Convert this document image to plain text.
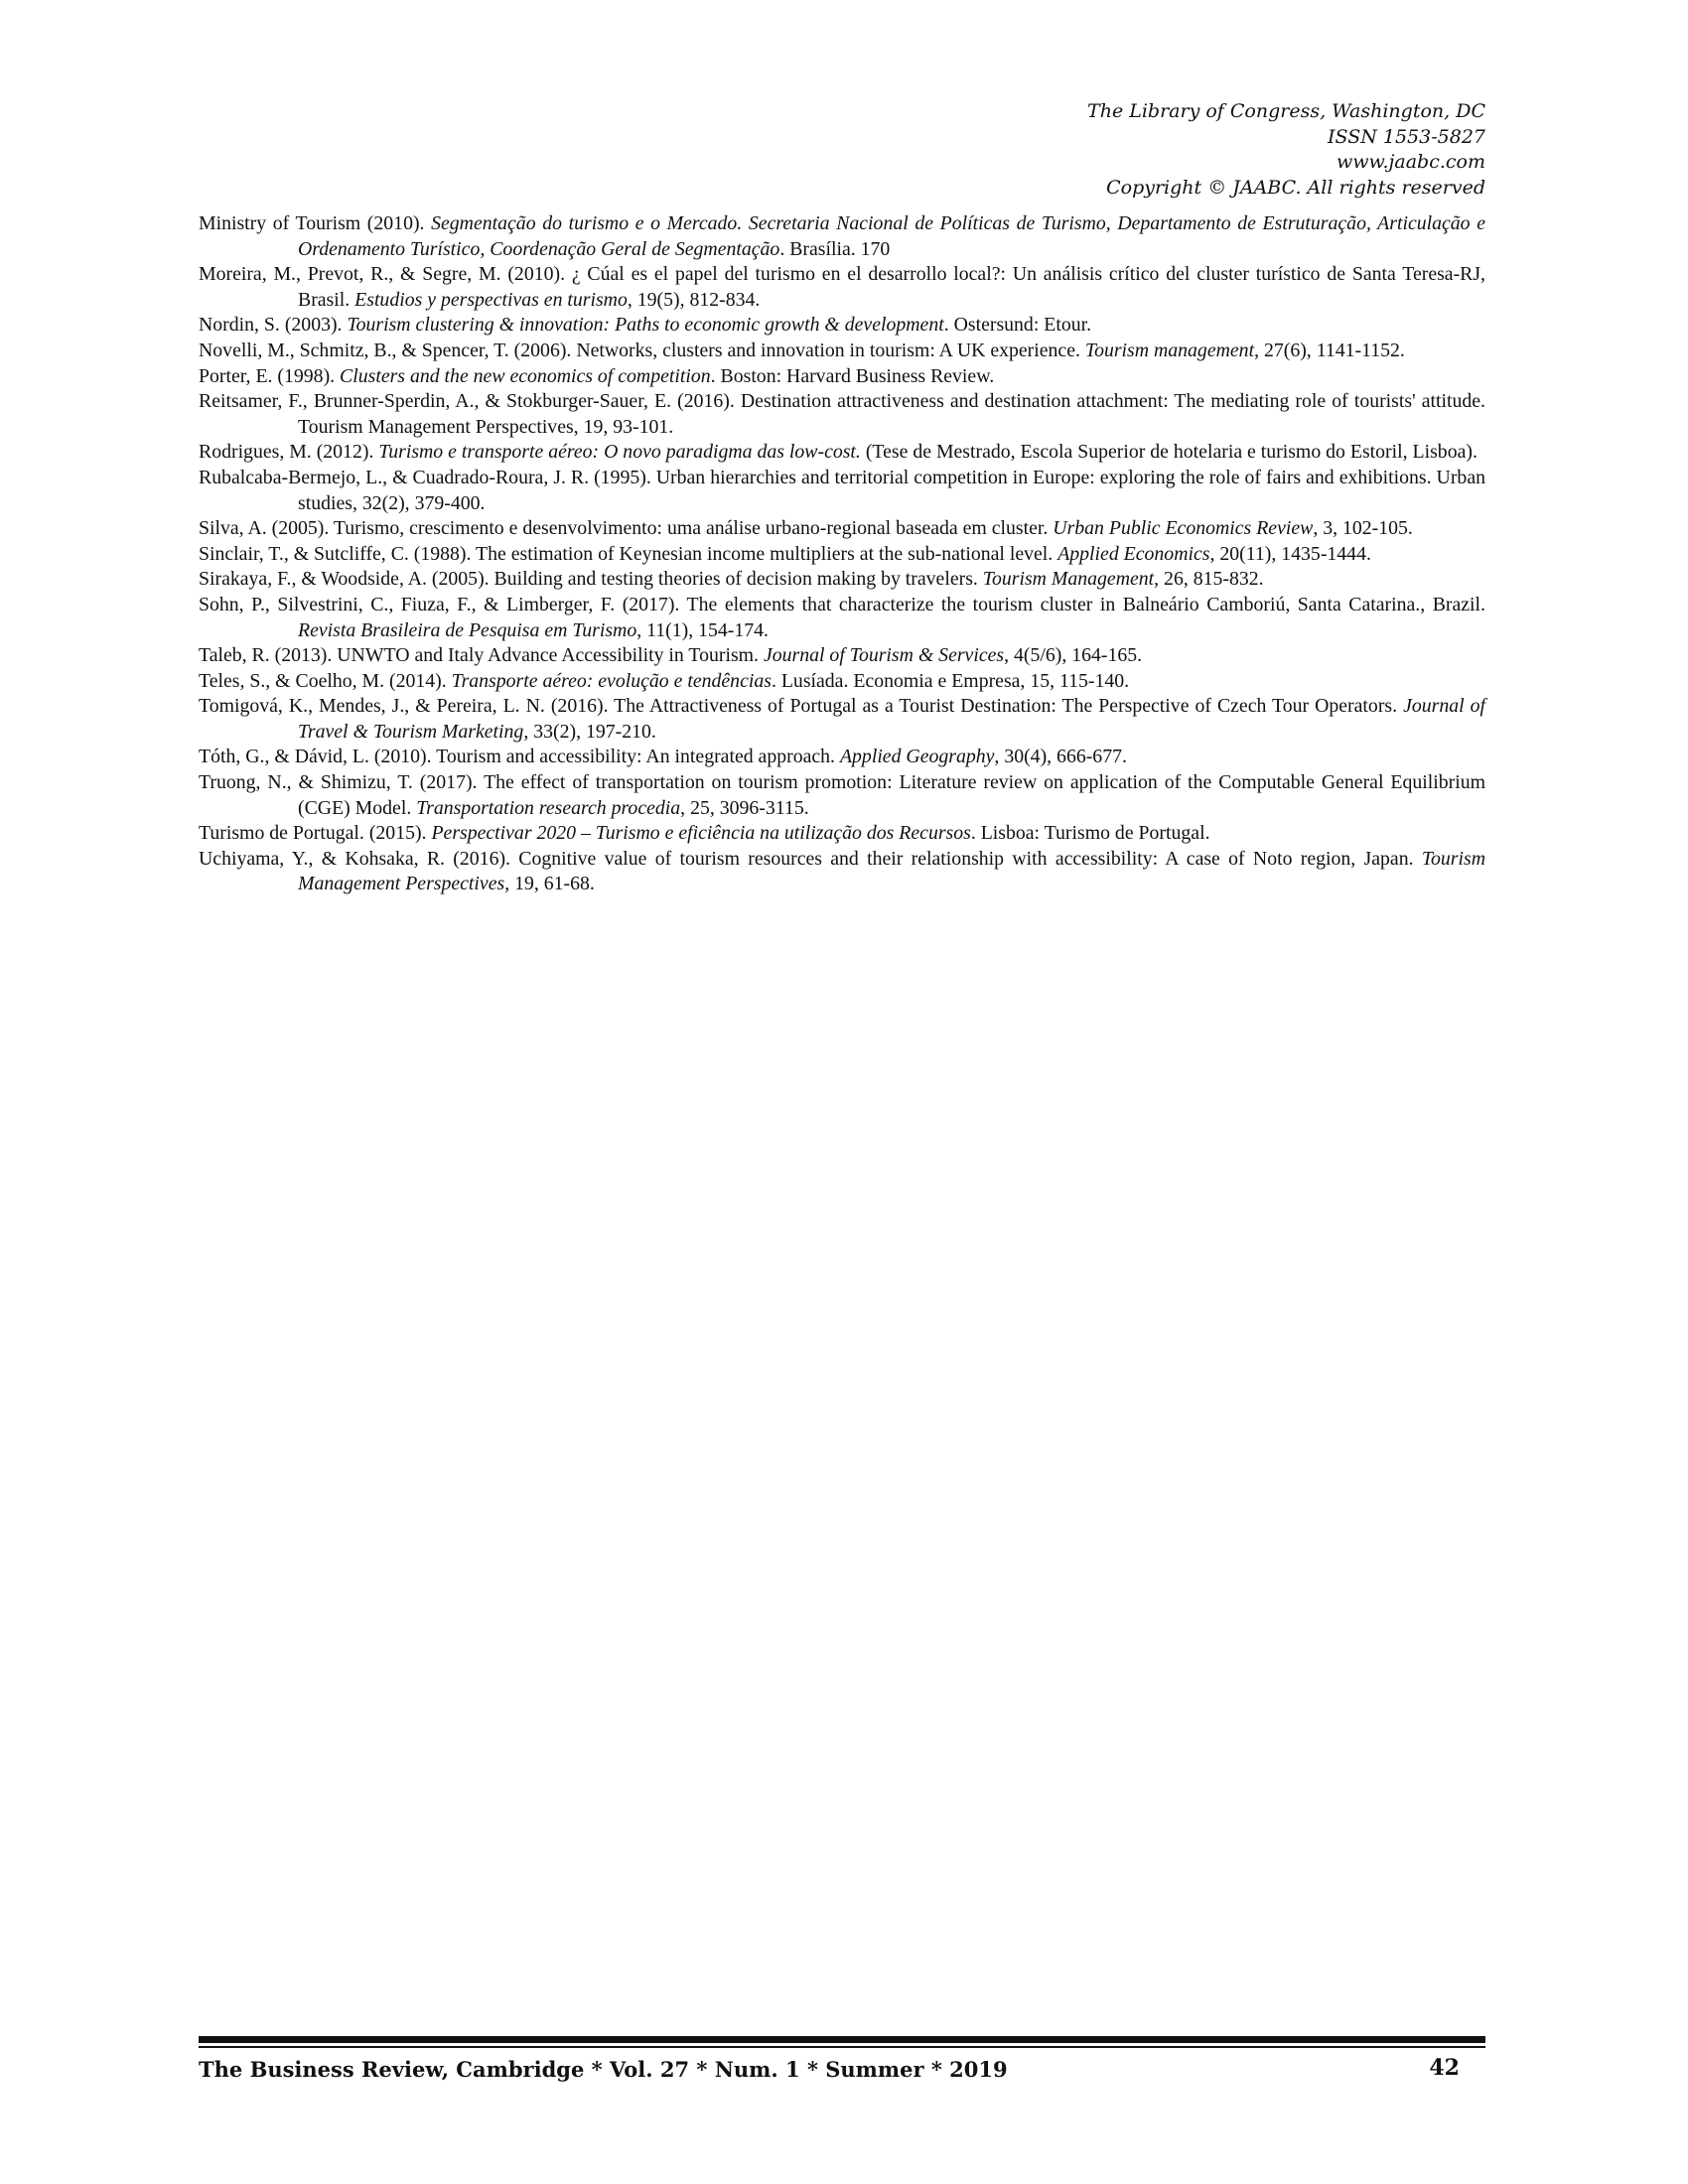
The Library of Congress, Washington, DC
ISSN 1553-5827
www.jaabc.com
Copyright © JAABC. All rights reserved
Ministry of Tourism (2010). Segmentação do turismo e o Mercado. Secretaria Nacional de Políticas de Turismo, Departamento de Estruturação, Articulação e Ordenamento Turístico, Coordenação Geral de Segmentação. Brasília. 170
Moreira, M., Prevot, R., & Segre, M. (2010). ¿ Cúal es el papel del turismo en el desarrollo local?: Un análisis crítico del cluster turístico de Santa Teresa-RJ, Brasil. Estudios y perspectivas en turismo, 19(5), 812-834.
Nordin, S. (2003). Tourism clustering & innovation: Paths to economic growth & development. Ostersund: Etour.
Novelli, M., Schmitz, B., & Spencer, T. (2006). Networks, clusters and innovation in tourism: A UK experience. Tourism management, 27(6), 1141-1152.
Porter, E. (1998). Clusters and the new economics of competition. Boston: Harvard Business Review.
Reitsamer, F., Brunner-Sperdin, A., & Stokburger-Sauer, E. (2016). Destination attractiveness and destination attachment: The mediating role of tourists' attitude. Tourism Management Perspectives, 19, 93-101.
Rodrigues, M. (2012). Turismo e transporte aéreo: O novo paradigma das low-cost. (Tese de Mestrado, Escola Superior de hotelaria e turismo do Estoril, Lisboa).
Rubalcaba-Bermejo, L., & Cuadrado-Roura, J. R. (1995). Urban hierarchies and territorial competition in Europe: exploring the role of fairs and exhibitions. Urban studies, 32(2), 379-400.
Silva, A. (2005). Turismo, crescimento e desenvolvimento: uma análise urbano-regional baseada em cluster. Urban Public Economics Review, 3, 102-105.
Sinclair, T., & Sutcliffe, C. (1988). The estimation of Keynesian income multipliers at the sub-national level. Applied Economics, 20(11), 1435-1444.
Sirakaya, F., & Woodside, A. (2005). Building and testing theories of decision making by travelers. Tourism Management, 26, 815-832.
Sohn, P., Silvestrini, C., Fiuza, F., & Limberger, F. (2017). The elements that characterize the tourism cluster in Balneário Camboriú, Santa Catarina., Brazil. Revista Brasileira de Pesquisa em Turismo, 11(1), 154-174.
Taleb, R. (2013). UNWTO and Italy Advance Accessibility in Tourism. Journal of Tourism & Services, 4(5/6), 164-165.
Teles, S., & Coelho, M. (2014). Transporte aéreo: evolução e tendências. Lusíada. Economia e Empresa, 15, 115-140.
Tomigová, K., Mendes, J., & Pereira, L. N. (2016). The Attractiveness of Portugal as a Tourist Destination: The Perspective of Czech Tour Operators. Journal of Travel & Tourism Marketing, 33(2), 197-210.
Tóth, G., & Dávid, L. (2010). Tourism and accessibility: An integrated approach. Applied Geography, 30(4), 666-677.
Truong, N., & Shimizu, T. (2017). The effect of transportation on tourism promotion: Literature review on application of the Computable General Equilibrium (CGE) Model. Transportation research procedia, 25, 3096-3115.
Turismo de Portugal. (2015). Perspectivar 2020 – Turismo e eficiência na utilização dos Recursos. Lisboa: Turismo de Portugal.
Uchiyama, Y., & Kohsaka, R. (2016). Cognitive value of tourism resources and their relationship with accessibility: A case of Noto region, Japan. Tourism Management Perspectives, 19, 61-68.
The Business Review, Cambridge * Vol. 27 * Num. 1 * Summer * 2019	42
